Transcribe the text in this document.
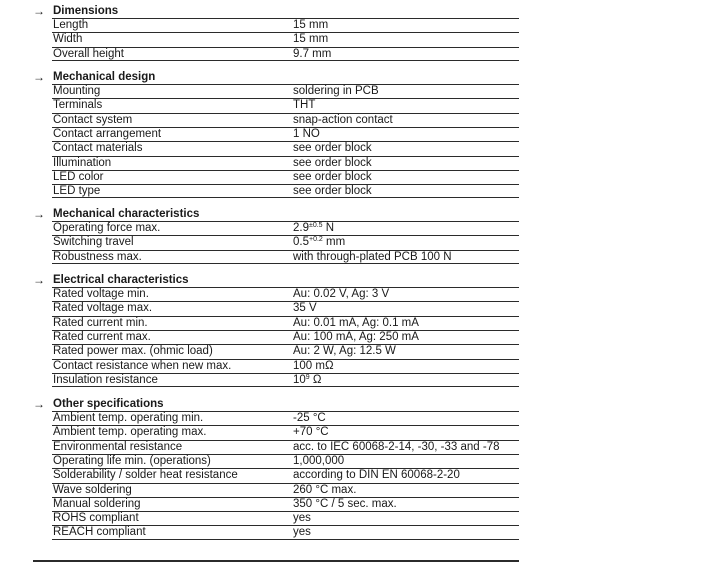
→ Dimensions
Length	15 mm
Width	15 mm
Overall height	9.7 mm
→ Mechanical design
Mounting	soldering in PCB
Terminals	THT
Contact system	snap-action contact
Contact arrangement	1 NO
Contact materials	see order block
Illumination	see order block
LED color	see order block
LED type	see order block
→ Mechanical characteristics
Operating force max.	$2.9^{\pm 0.5}$ N
Switching travel	$0.5^{+0.2}$ mm
Robustness max.	with through-plated PCB 100 N
→ Electrical characteristics
Rated voltage min.	Au: 0.02 V, Ag: 3 V
Rated voltage max.	35 V
Rated current min.	Au: 0.01 mA, Ag: 0.1 mA
Rated current max.	Au: 100 mA, Ag: 250 mA
Rated power max. (ohmic load)	Au: 2 W, Ag: 12.5 W
Contact resistance when new max.	100 mΩ
Insulation resistance	$10^9$ Ω
→ Other specifications
Ambient temp. operating min.	-25 °C
Ambient temp. operating max.	+70 °C
Environmental resistance	acc. to IEC 60068-2-14, -30, -33 and -78
Operating life min. (operations)	1,000,000
Solderability / solder heat resistance	according to DIN EN 60068-2-20
Wave soldering	260 °C max.
Manual soldering	350 °C / 5 sec. max.
ROHS compliant	yes
REACH compliant	yes
